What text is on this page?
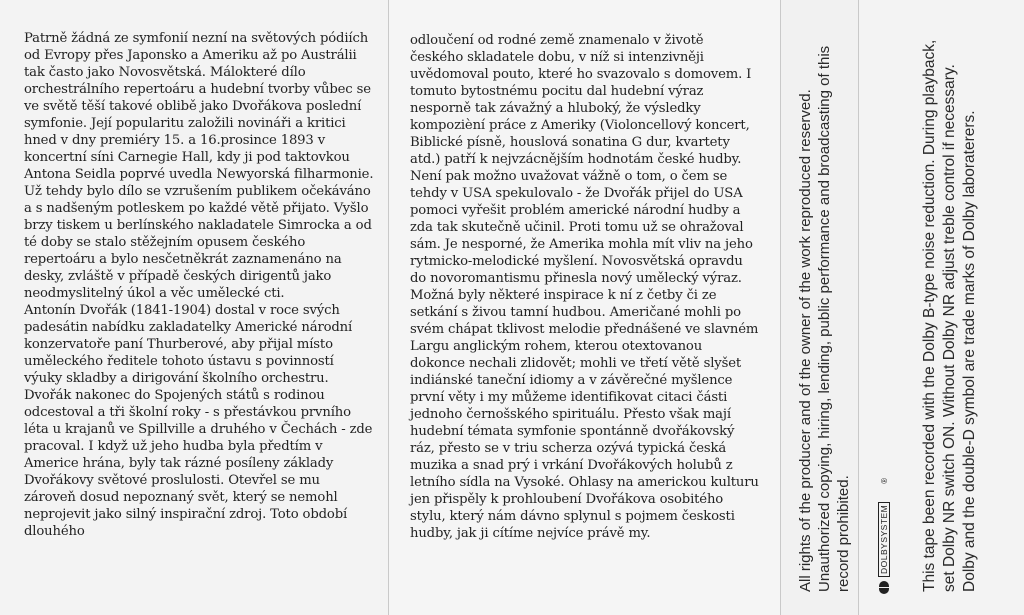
Patrně žádná ze symfonií nezní na světových pódiích od Evropy přes Japonsko a Ameriku až po Austrálii tak často jako Novosvětská. Málokteré dílo orchestrálního repertoáru a hudební tvorby vůbec se ve světě těší takové oblibě jako Dvořákova poslední symfonie. Její popularitu založili novináři a kritici hned v dny premiéry 15. a 16.prosince 1893 v koncertní síni Carnegie Hall, kdy ji pod taktovkou Antona Seidla poprvé uvedla Newyorská filharmonie. Už tehdy bylo dílo se vzrušením publikem očekáváno a s nadšeným potleskem po každé větě přijato. Vyšlo brzy tiskem u berlínského nakladatele Simrocka a od té doby se stalo stěžejním opusem českého repertoáru a bylo nesčetněkrát zaznamenáno na desky, zvláště v případě českých dirigentů jako neodmyslitelný úkol a věc umělecké cti.

Antonín Dvořák (1841-1904) dostal v roce svých padesátin nabídku zakladatelky Americké národní konzervatoře paní Thurberové, aby přijal místo uměleckého ředitele tohoto ústavu s povinností výuky skladby a dirigování školního orchestru. Dvořák nakonec do Spojených států s rodinou odcestoval a tři školní roky - s přestávkou prvního léta u krajanů ve Spillville a druhého v Čechách - zde pracoval. I když už jeho hudba byla předtím v Americe hrána, byly tak rázné posíleny základy Dvořákovy světové proslulosti. Otevřel se mu zároveň dosud nepoznaný svět, který se nemohl neprojevit jako silný inspirační zdroj. Toto období dlouhého

odloučení od rodné země znamenalo v životě českého skladatele dobu, v níž si intenzivněji uvědomoval pouto, které ho svazovalo s domovem. I tomuto bytostnému pocitu dal hudební výraz nesporně tak závažný a hluboký, že výsledky kompozièní práce z Ameriky (Violoncellový koncert, Biblické písně, houslová sonatina G dur, kvartety atd.) patří k nejvzácnějším hodnotám české hudby.

Není pak možno uvažovat vážně o tom, o čem se tehdy v USA spekulovalo - že Dvořák přijel do USA pomoci vyřešit problém americké národní hudby a zda tak skutečně učinil. Proti tomu už se ohražoval sám. Je nesporné, že Amerika mohla mít vliv na jeho rytmicko-melodické myšlení. Novosvětská opravdu do novoromantismu přinesla nový umělecký výraz. Možná byly některé inspirace k ní z četby či ze setkání s živou tamní hudbou. Američané mohli po svém chápat tklivost melodie přednášené ve slavném Largu anglickým rohem, kterou otextovanou dokonce nechali zlidovět; mohli ve třetí větě slyšet indiánské taneční idiomy a v závěrečné myšlence první věty i my můžeme identifikovat citaci části jednoho černošského spirituálu. Přesto však mají hudební témata symfonie spontánně dvořákovský ráz, přesto se v triu scherza ozývá typická česká muzika a snad prý i vrkání Dvořákových holubů z letního sídla na Vysoké. Ohlasy na americkou kulturu jen přispěly k prohloubení Dvořákova osobitého stylu, který nám dávno splynul s pojmem českosti hudby, jak ji cítíme nejvíce právě my.	All rights of the producer and of the owner of the work reproduced reserved. Unauthorized copying, hiring, lending, public performance and broadcasting of this record prohibited.	DOLBYSYSTEM
® This tape been recorded with the Dolby B-type noise reduction. During playback, set Dolby NR switch ON. Without Dolby NR adjust treble control if necessary. Dolby and the double-D symbol are trade marks of Dolby laboraterers.
